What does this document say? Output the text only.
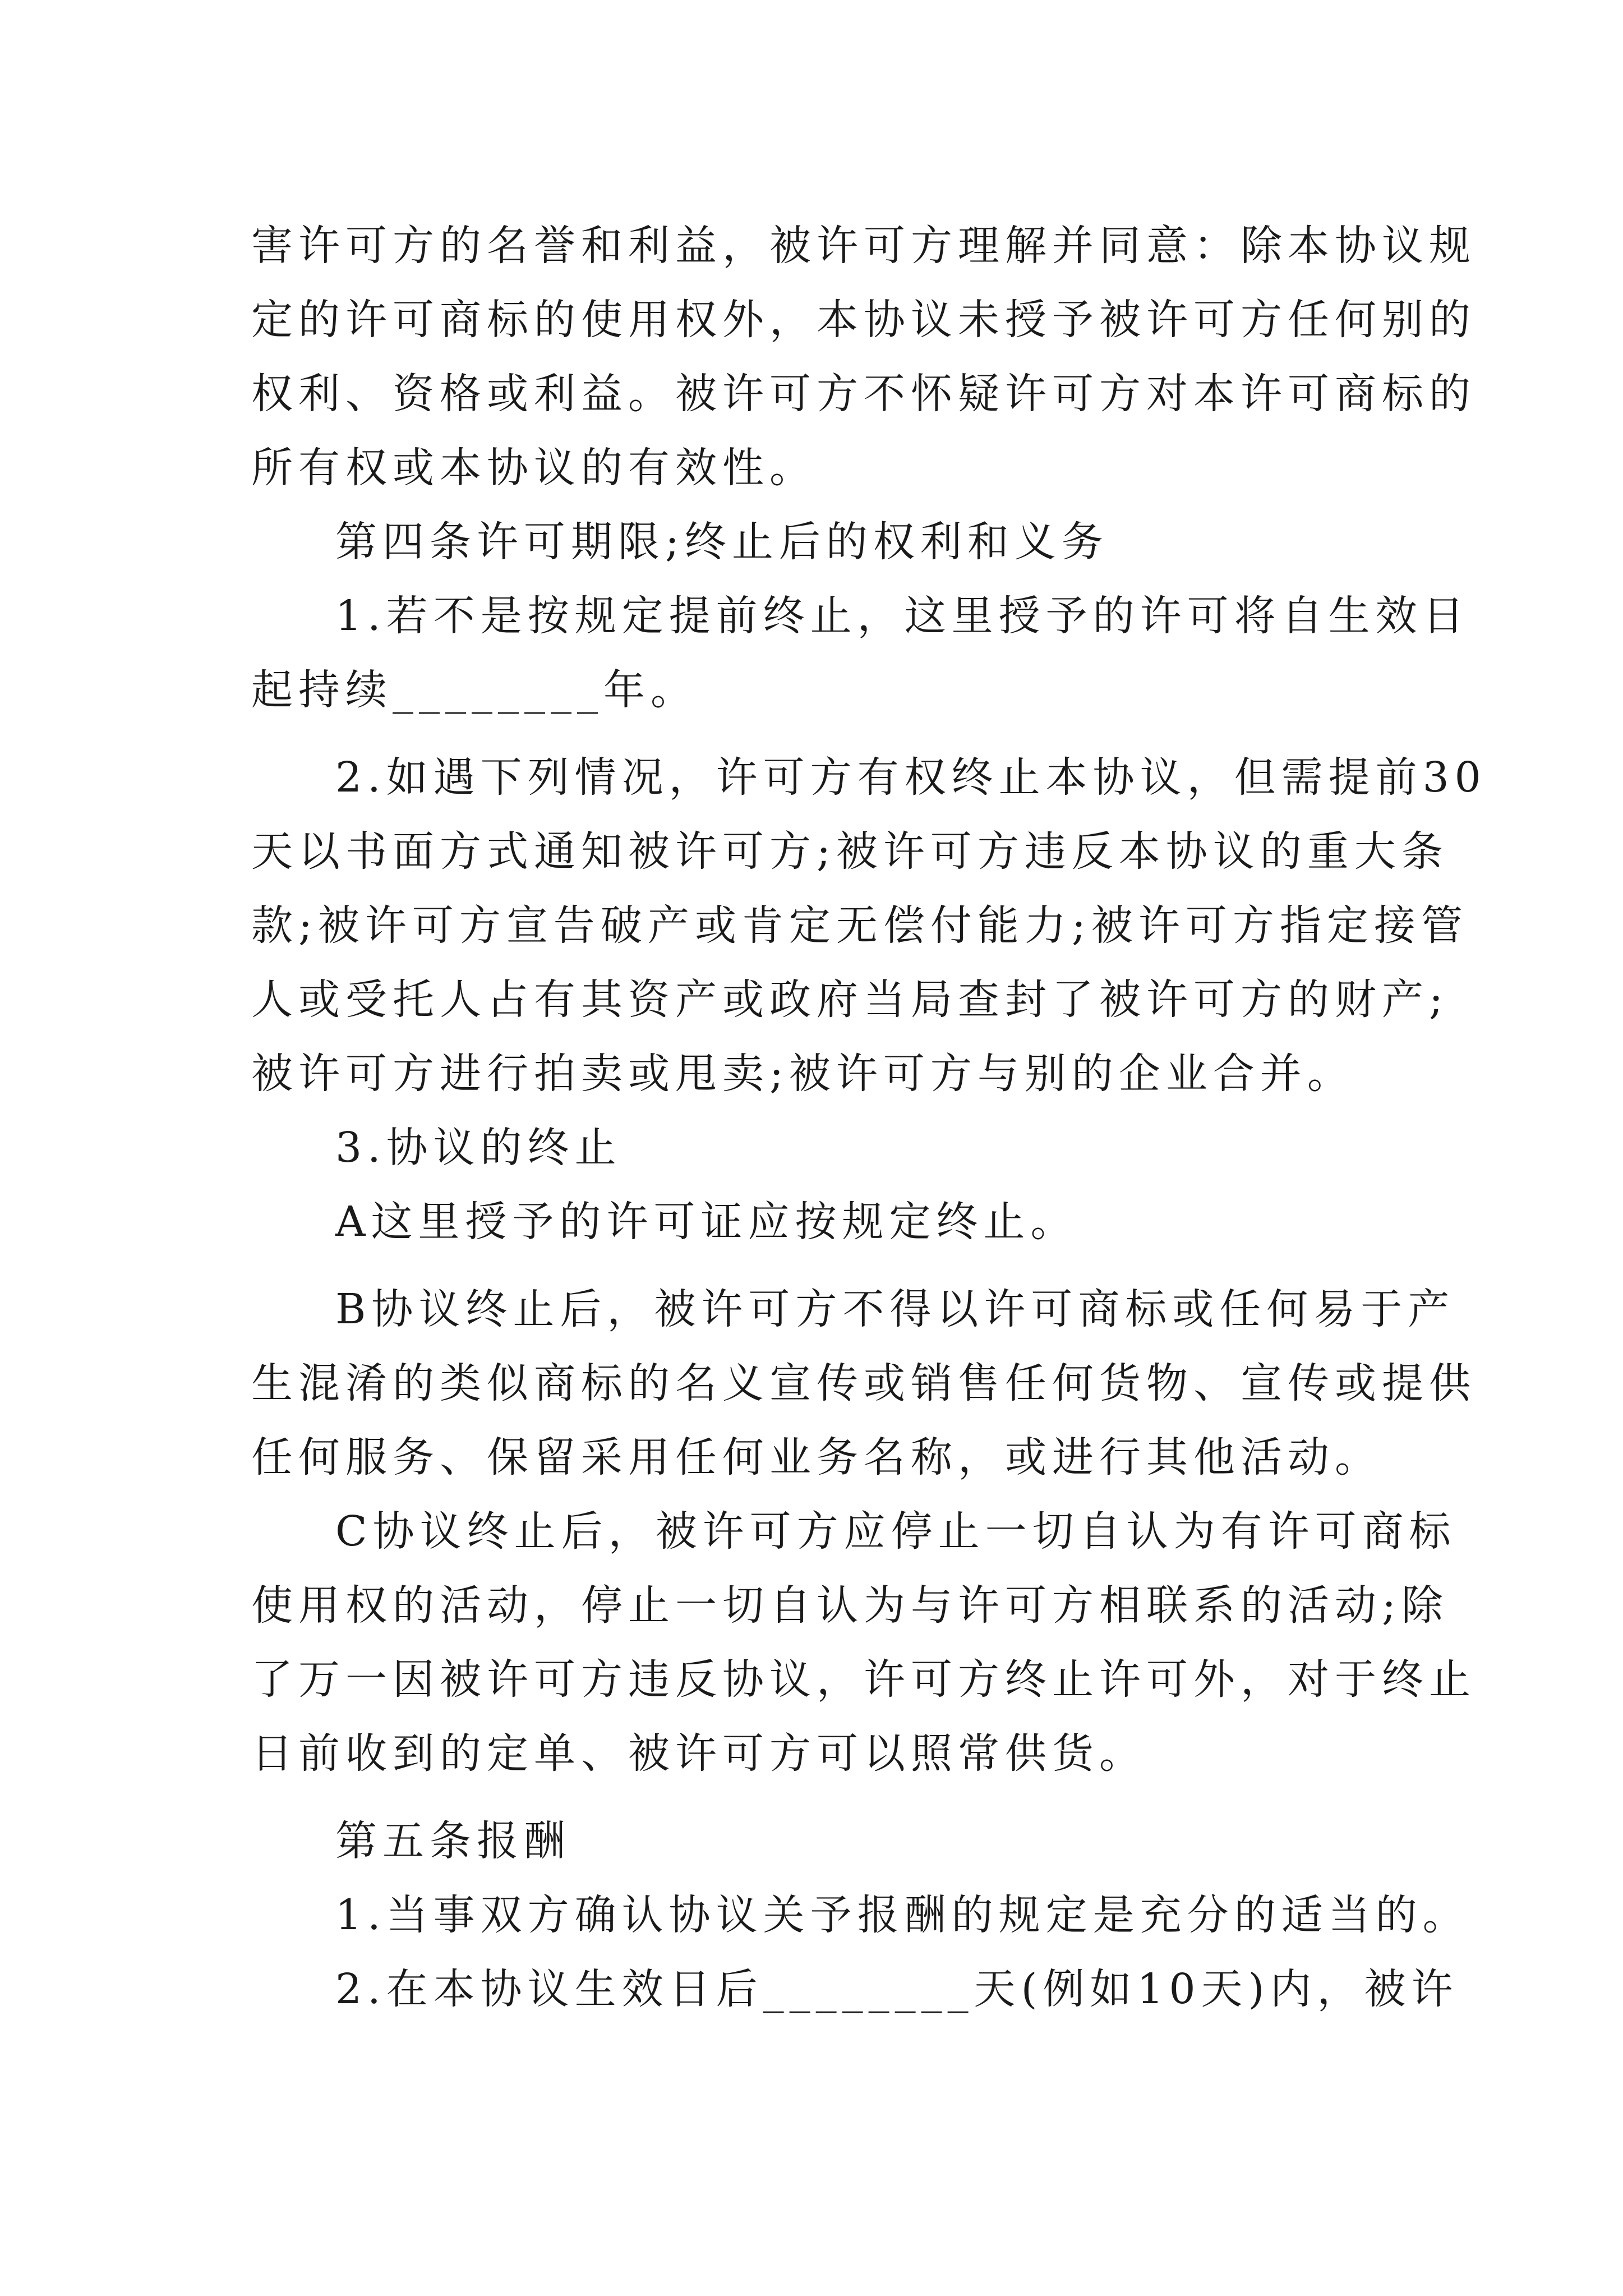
害许可方的名誉和利益，被许可方理解并同意：除本协议规
定的许可商标的使用权外，本协议未授予被许可方任何别的
权利、资格或利益。被许可方不怀疑许可方对本许可商标的
所有权或本协议的有效性。
第四条许可期限;终止后的权利和义务
1.若不是按规定提前终止，这里授予的许可将自生效日
起持续________年。
2.如遇下列情况，许可方有权终止本协议，但需提前30
天以书面方式通知被许可方;被许可方违反本协议的重大条
款;被许可方宣告破产或肯定无偿付能力;被许可方指定接管
人或受托人占有其资产或政府当局查封了被许可方的财产;
被许可方进行拍卖或甩卖;被许可方与别的企业合并。
3.协议的终止
A这里授予的许可证应按规定终止。
B协议终止后，被许可方不得以许可商标或任何易于产
生混淆的类似商标的名义宣传或销售任何货物、宣传或提供
任何服务、保留采用任何业务名称，或进行其他活动。
C协议终止后，被许可方应停止一切自认为有许可商标
使用权的活动，停止一切自认为与许可方相联系的活动;除
了万一因被许可方违反协议，许可方终止许可外，对于终止
日前收到的定单、被许可方可以照常供货。
第五条报酬
1.当事双方确认协议关予报酬的规定是充分的适当的。
2.在本协议生效日后________天(例如10天)内，被许
